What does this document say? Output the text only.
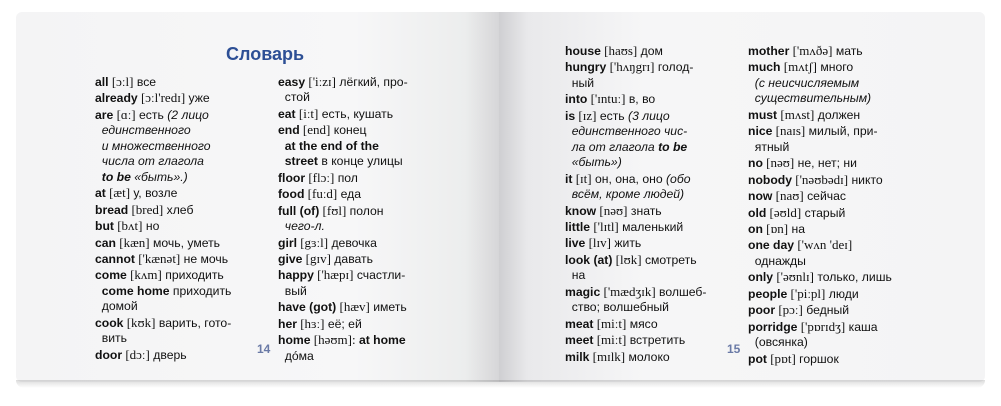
Словарь
all [ɔːl] все
already [ɔːl'redɪ] уже
are [ɑː] есть (2 лицо
единственного
и множественного
числа от глагола
to be «быть».)
at [æt] у, возле
bread [bred] хлеб
but [bʌt] но
can [kæn] мочь, уметь
cannot ['kænət] не мочь
come [kʌm] приходить
come home приходить
домой
cook [kʊk] варить, гото-
вить
door [dɔː] дверь
easy ['iːzɪ] лёгкий, про-
стой
eat [iːt] есть, кушать
end [end] конец
at the end of the
street в конце улицы
floor [flɔː] пол
food [fuːd] еда
full (of) [fʊl] полон
чего-л.
girl [gɜːl] девочка
give [gɪv] давать
happy ['hæpɪ] счастли-
вый
have (got) [hæv] иметь
her [hɜː] её; ей
home [həʊm]: at home
дóма
house [haʊs] дом
hungry ['hʌŋgrɪ] голод-
ный
into ['ɪntuː] в, во
is [ɪz] есть (3 лицо
единственного чис-
ла от глагола to be
«быть»)
it [ɪt] он, она, оно (обо
всём, кроме людей)
know [nəʊ] знать
little ['lɪtl] маленький
live [lɪv] жить
look (at) [lʊk] смотреть
на
magic ['mædʒɪk] волшеб-
ство; волшебный
meat [miːt] мясо
meet [miːt] встретить
milk [mɪlk] молоко
mother ['mʌðə] мать
much [mʌtʃ] много
(с неисчисляемым
существительным)
must [mʌst] должен
nice [naɪs] милый, при-
ятный
no [nəʊ] не, нет; ни
nobody ['nəʊbədɪ] никто
now [naʊ] сейчас
old [əʊld] старый
on [ɒn] на
one day ['wʌn 'deɪ]
однажды
only ['əʊnlɪ] только, лишь
people ['piːpl] люди
poor [pɔː] бедный
porridge ['pɒrɪdʒ] каша
(овсянка)
pot [pɒt] горшок
14	15
